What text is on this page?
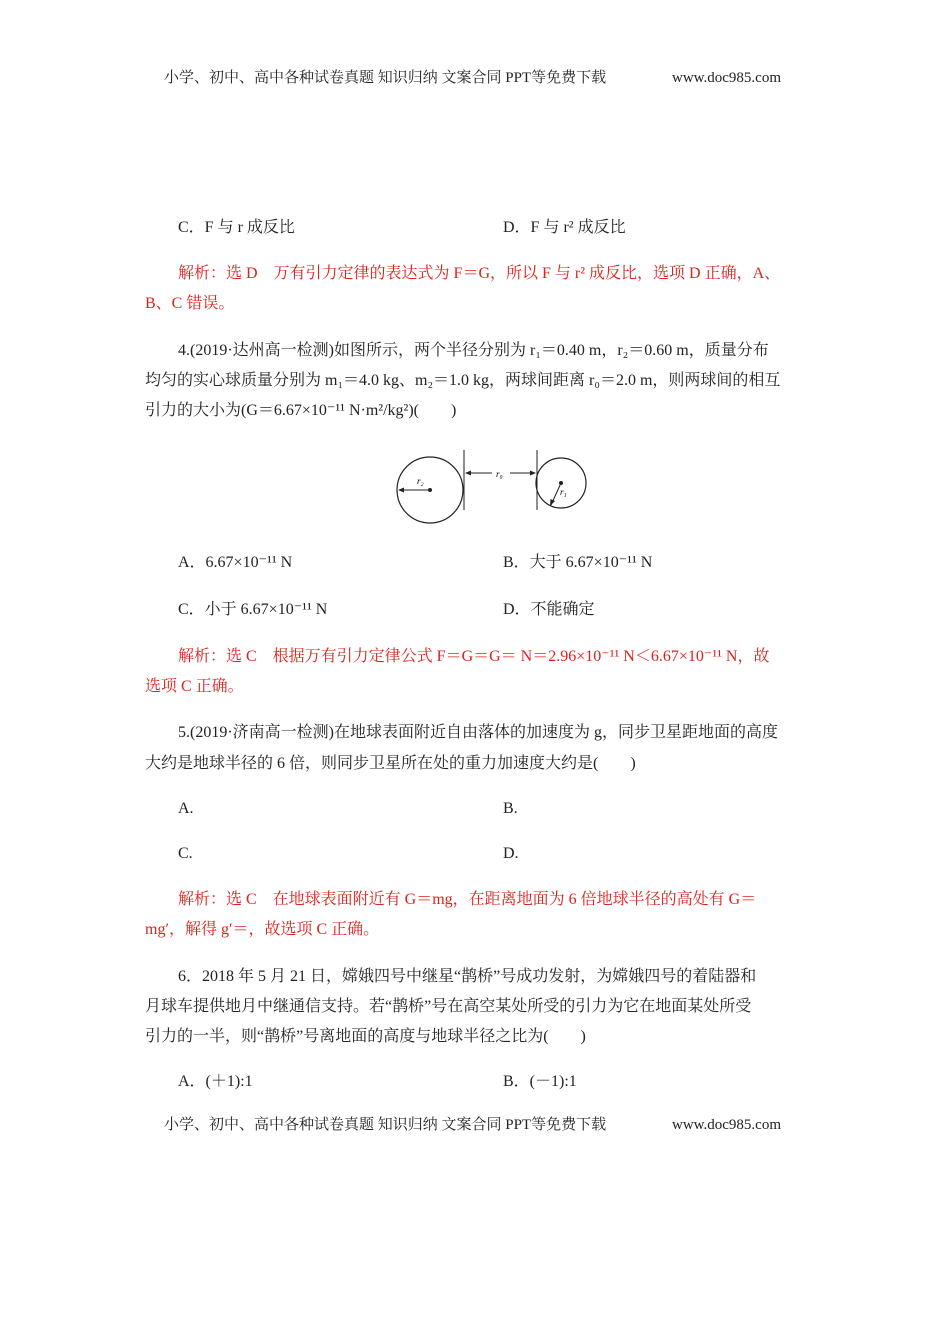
小学、初中、高中各种试卷真题 知识归纳 文案合同 PPT等免费下载	www.doc985.com
C．F 与 r 成反比	D．F 与 r² 成反比
解析：选 D　万有引力定律的表达式为 F＝G，所以 F 与 r² 成反比，选项 D 正确，A、
B、C 错误。
4.(2019·达州高一检测)如图所示，两个半径分别为 r₁＝0.40 m，r₂＝0.60 m，质量分布
均匀的实心球质量分别为 m₁＝4.0 kg、m₂＝1.0 kg，两球间距离 r₀＝2.0 m，则两球间的相互
引力的大小为(G＝6.67×10⁻¹¹ N·m²/kg²)(　　)
r₂
r₀
r₁
A．6.67×10⁻¹¹ N	B．大于 6.67×10⁻¹¹ N
C．小于 6.67×10⁻¹¹ N	D．不能确定
解析：选 C　根据万有引力定律公式 F＝G＝G＝ N＝2.96×10⁻¹¹ N＜6.67×10⁻¹¹ N，故
选项 C 正确。
5.(2019·济南高一检测)在地球表面附近自由落体的加速度为 g，同步卫星距地面的高度
大约是地球半径的 6 倍，则同步卫星所在处的重力加速度大约是(　　)
A.	B.
C.	D.
解析：选 C　在地球表面附近有 G＝mg，在距离地面为 6 倍地球半径的高处有 G＝
mg′，解得 g′＝，故选项 C 正确。
6．2018 年 5 月 21 日，嫦娥四号中继星“鹊桥”号成功发射，为嫦娥四号的着陆器和
月球车提供地月中继通信支持。若“鹊桥”号在高空某处所受的引力为它在地面某处所受
引力的一半，则“鹊桥”号离地面的高度与地球半径之比为(　　)
A．(＋1):1	B．(－1):1
小学、初中、高中各种试卷真题 知识归纳 文案合同 PPT等免费下载	www.doc985.com
